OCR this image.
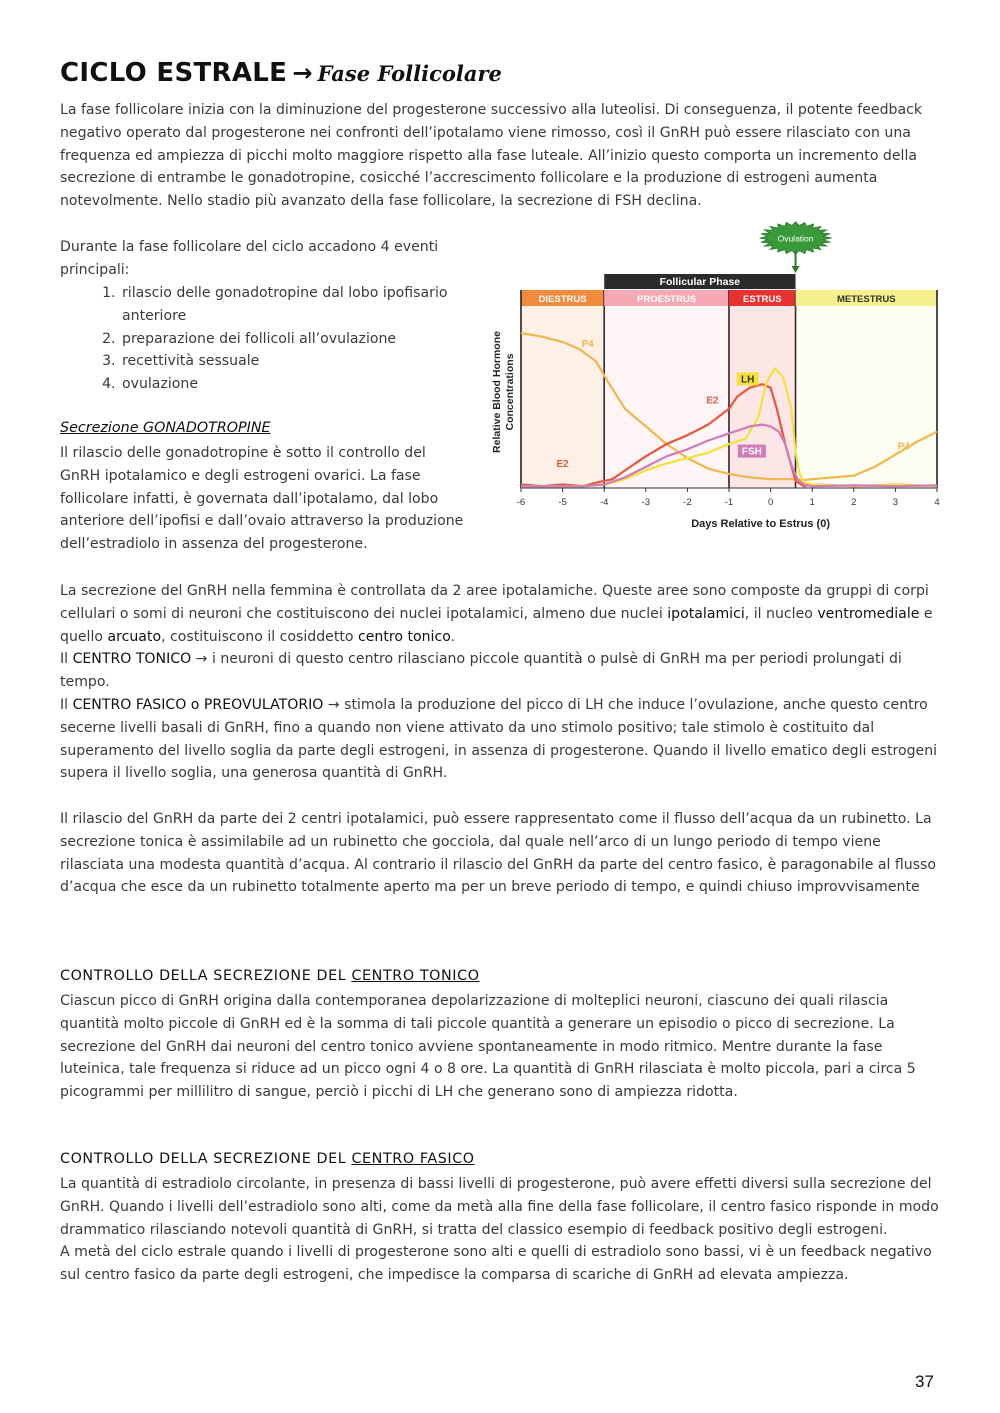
CICLO ESTRALE → Fase Follicolare

La fase follicolare inizia con la diminuzione del progesterone successivo alla luteolisi. Di conseguenza, il potente feedback negativo operato dal progesterone nei confronti dell’ipotalamo viene rimosso, così il GnRH può essere rilasciato con una frequenza ed ampiezza di picchi molto maggiore rispetto alla fase luteale. All’inizio questo comporta un incremento della secrezione di entrambe le gonadotropine, cosicché l’accrescimento follicolare e la produzione di estrogeni aumenta notevolmente. Nello stadio più avanzato della fase follicolare, la secrezione di FSH declina.

Durante la fase follicolare del ciclo accadono 4 eventi principali:

1. rilascio delle gonadotropine dal lobo ipofisario anteriore
2. preparazione dei follicoli all’ovulazione
3. recettività sessuale
4. ovulazione
Secrezione GONADOTROPINE

Il rilascio delle gonadotropine è sotto il controllo del GnRH ipotalamico e degli estrogeni ovarici. La fase follicolare infatti, è governata dall’ipotalamo, dal lobo anteriore dell’ipofisi e dall’ovaio attraverso la produzione dell’estradiolo in assenza del progesterone.

La secrezione del GnRH nella femmina è controllata da 2 aree ipotalamiche. Queste aree sono composte da gruppi di corpi cellulari o somi di neuroni che costituiscono dei nuclei ipotalamici, almeno due nuclei ipotalamici, il nucleo ventromediale e quello arcuato, costituiscono il cosiddetto centro tonico.
Il CENTRO TONICO → i neuroni di questo centro rilasciano piccole quantità o pulsè di GnRH ma per periodi prolungati di tempo.
Il CENTRO FASICO o PREOVULATORIO → stimola la produzione del picco di LH che induce l’ovulazione, anche questo centro secerne livelli basali di GnRH, fino a quando non viene attivato da uno stimolo positivo; tale stimolo è costituito dal superamento del livello soglia da parte degli estrogeni, in assenza di progesterone. Quando il livello ematico degli estrogeni supera il livello soglia, una generosa quantità di GnRH.

Il rilascio del GnRH da parte dei 2 centri ipotalamici, può essere rappresentato come il flusso dell’acqua da un rubinetto. La secrezione tonica è assimilabile ad un rubinetto che gocciola, dal quale nell’arco di un lungo periodo di tempo viene rilasciata una modesta quantità d’acqua. Al contrario il rilascio del GnRH da parte del centro fasico, è paragonabile al flusso d’acqua che esce da un rubinetto totalmente aperto ma per un breve periodo di tempo, e quindi chiuso improvvisamente

CONTROLLO DELLA SECREZIONE DEL CENTRO TONICO

Ciascun picco di GnRH origina dalla contemporanea depolarizzazione di molteplici neuroni, ciascuno dei quali rilascia quantità molto piccole di GnRH ed è la somma di tali piccole quantità a generare un episodio o picco di secrezione. La secrezione del GnRH dai neuroni del centro tonico avviene spontaneamente in modo ritmico. Mentre durante la fase luteinica, tale frequenza si riduce ad un picco ogni 4 o 8 ore. La quantità di GnRH rilasciata è molto piccola, pari a circa 5 picogrammi per millilitro di sangue, perciò i picchi di LH che generano sono di ampiezza ridotta.

CONTROLLO DELLA SECREZIONE DEL CENTRO FASICO

La quantità di estradiolo circolante, in presenza di bassi livelli di progesterone, può avere effetti diversi sulla secrezione del GnRH. Quando i livelli dell’estradiolo sono alti, come da metà alla fine della fase follicolare, il centro fasico risponde in modo drammatico rilasciando notevoli quantità di GnRH, si tratta del classico esempio di feedback positivo degli estrogeni.
A metà del ciclo estrale quando i livelli di progesterone sono alti e quelli di estradiolo sono bassi, vi è un feedback negativo sul centro fasico da parte degli estrogeni, che impedisce la comparsa di scariche di GnRH ad elevata ampiezza.

37
DIESTRUS	PROESTRUS	ESTRUS	METESTRUS
Follicular Phase
Ovulation
-6	-5	-4	-3	-2	-1	0	1	2	3	4
Days Relative to Estrus (0)
Relative Blood Hormone Concentrations
P4
E2
LH
FSH	P4
E2
